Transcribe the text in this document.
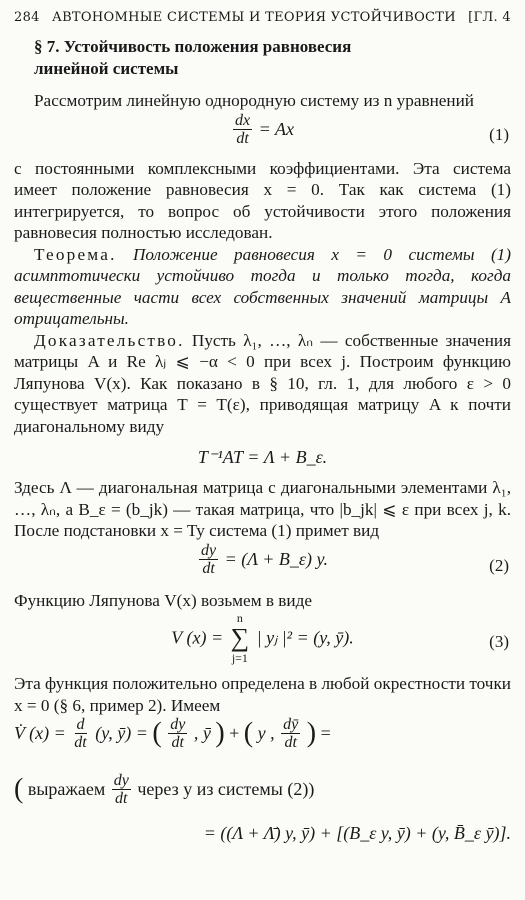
284 АВТОНОМНЫЕ СИСТЕМЫ И ТЕОРИЯ УСТОЙЧИВОСТИ [ГЛ. 4
§ 7. Устойчивость положения равновесия
линейной системы

Рассмотрим линейную однородную систему из n уравнений

$\frac{dx}{dt} = Ax$	(1)

с постоянными комплексными коэффициентами. Эта система имеет положение равновесия x = 0. Так как система (1) интегрируется, то вопрос об устойчивости этого положения равновесия полностью исследован.

Теорема. Положение равновесия x = 0 системы (1) асимптотически устойчиво тогда и только тогда, когда вещественные части всех собственных значений матрицы A отрицательны.

Доказательство. Пусть λ₁, …, λₙ — собственные значения матрицы A и Re λⱼ ⩽ −α < 0 при всех j. Построим функцию Ляпунова V(x). Как показано в § 10, гл. 1, для любого ε > 0 существует матрица T = T(ε), приводящая матрицу A к почти диагональному виду

T⁻¹AT = Λ + B_ε.

Здесь Λ — диагональная матрица с диагональными элементами λ₁, …, λₙ, а B_ε = (b_jk) — такая матрица, что |b_jk| ⩽ ε при всех j, k. После подстановки x = Ty система (1) примет вид

$\frac{dy}{dt} = (\Lambda$ + B_ε) y.	(2)

Функцию Ляпунова V(x) возьмем в виде

V (x) =
n
∑
j=1
| yⱼ |² = (y, ȳ).	(3)

Эта функция положительно определена в любой окрестности точки x = 0 (§ 6, пример 2). Имеем

V̇ $(x) = \frac{d}{dt} (y$, ȳ) = ( $\frac{dy}{dt}$ , ȳ ) + ( y , $\frac{dȳ}{dt}$ ) =
( выражаем $\frac{dy}{dt}$ через y из системы (2))
= ((Λ + Λ̄) y, ȳ) + [(B_ε y, ȳ) + (y, B̄_ε ȳ)].
